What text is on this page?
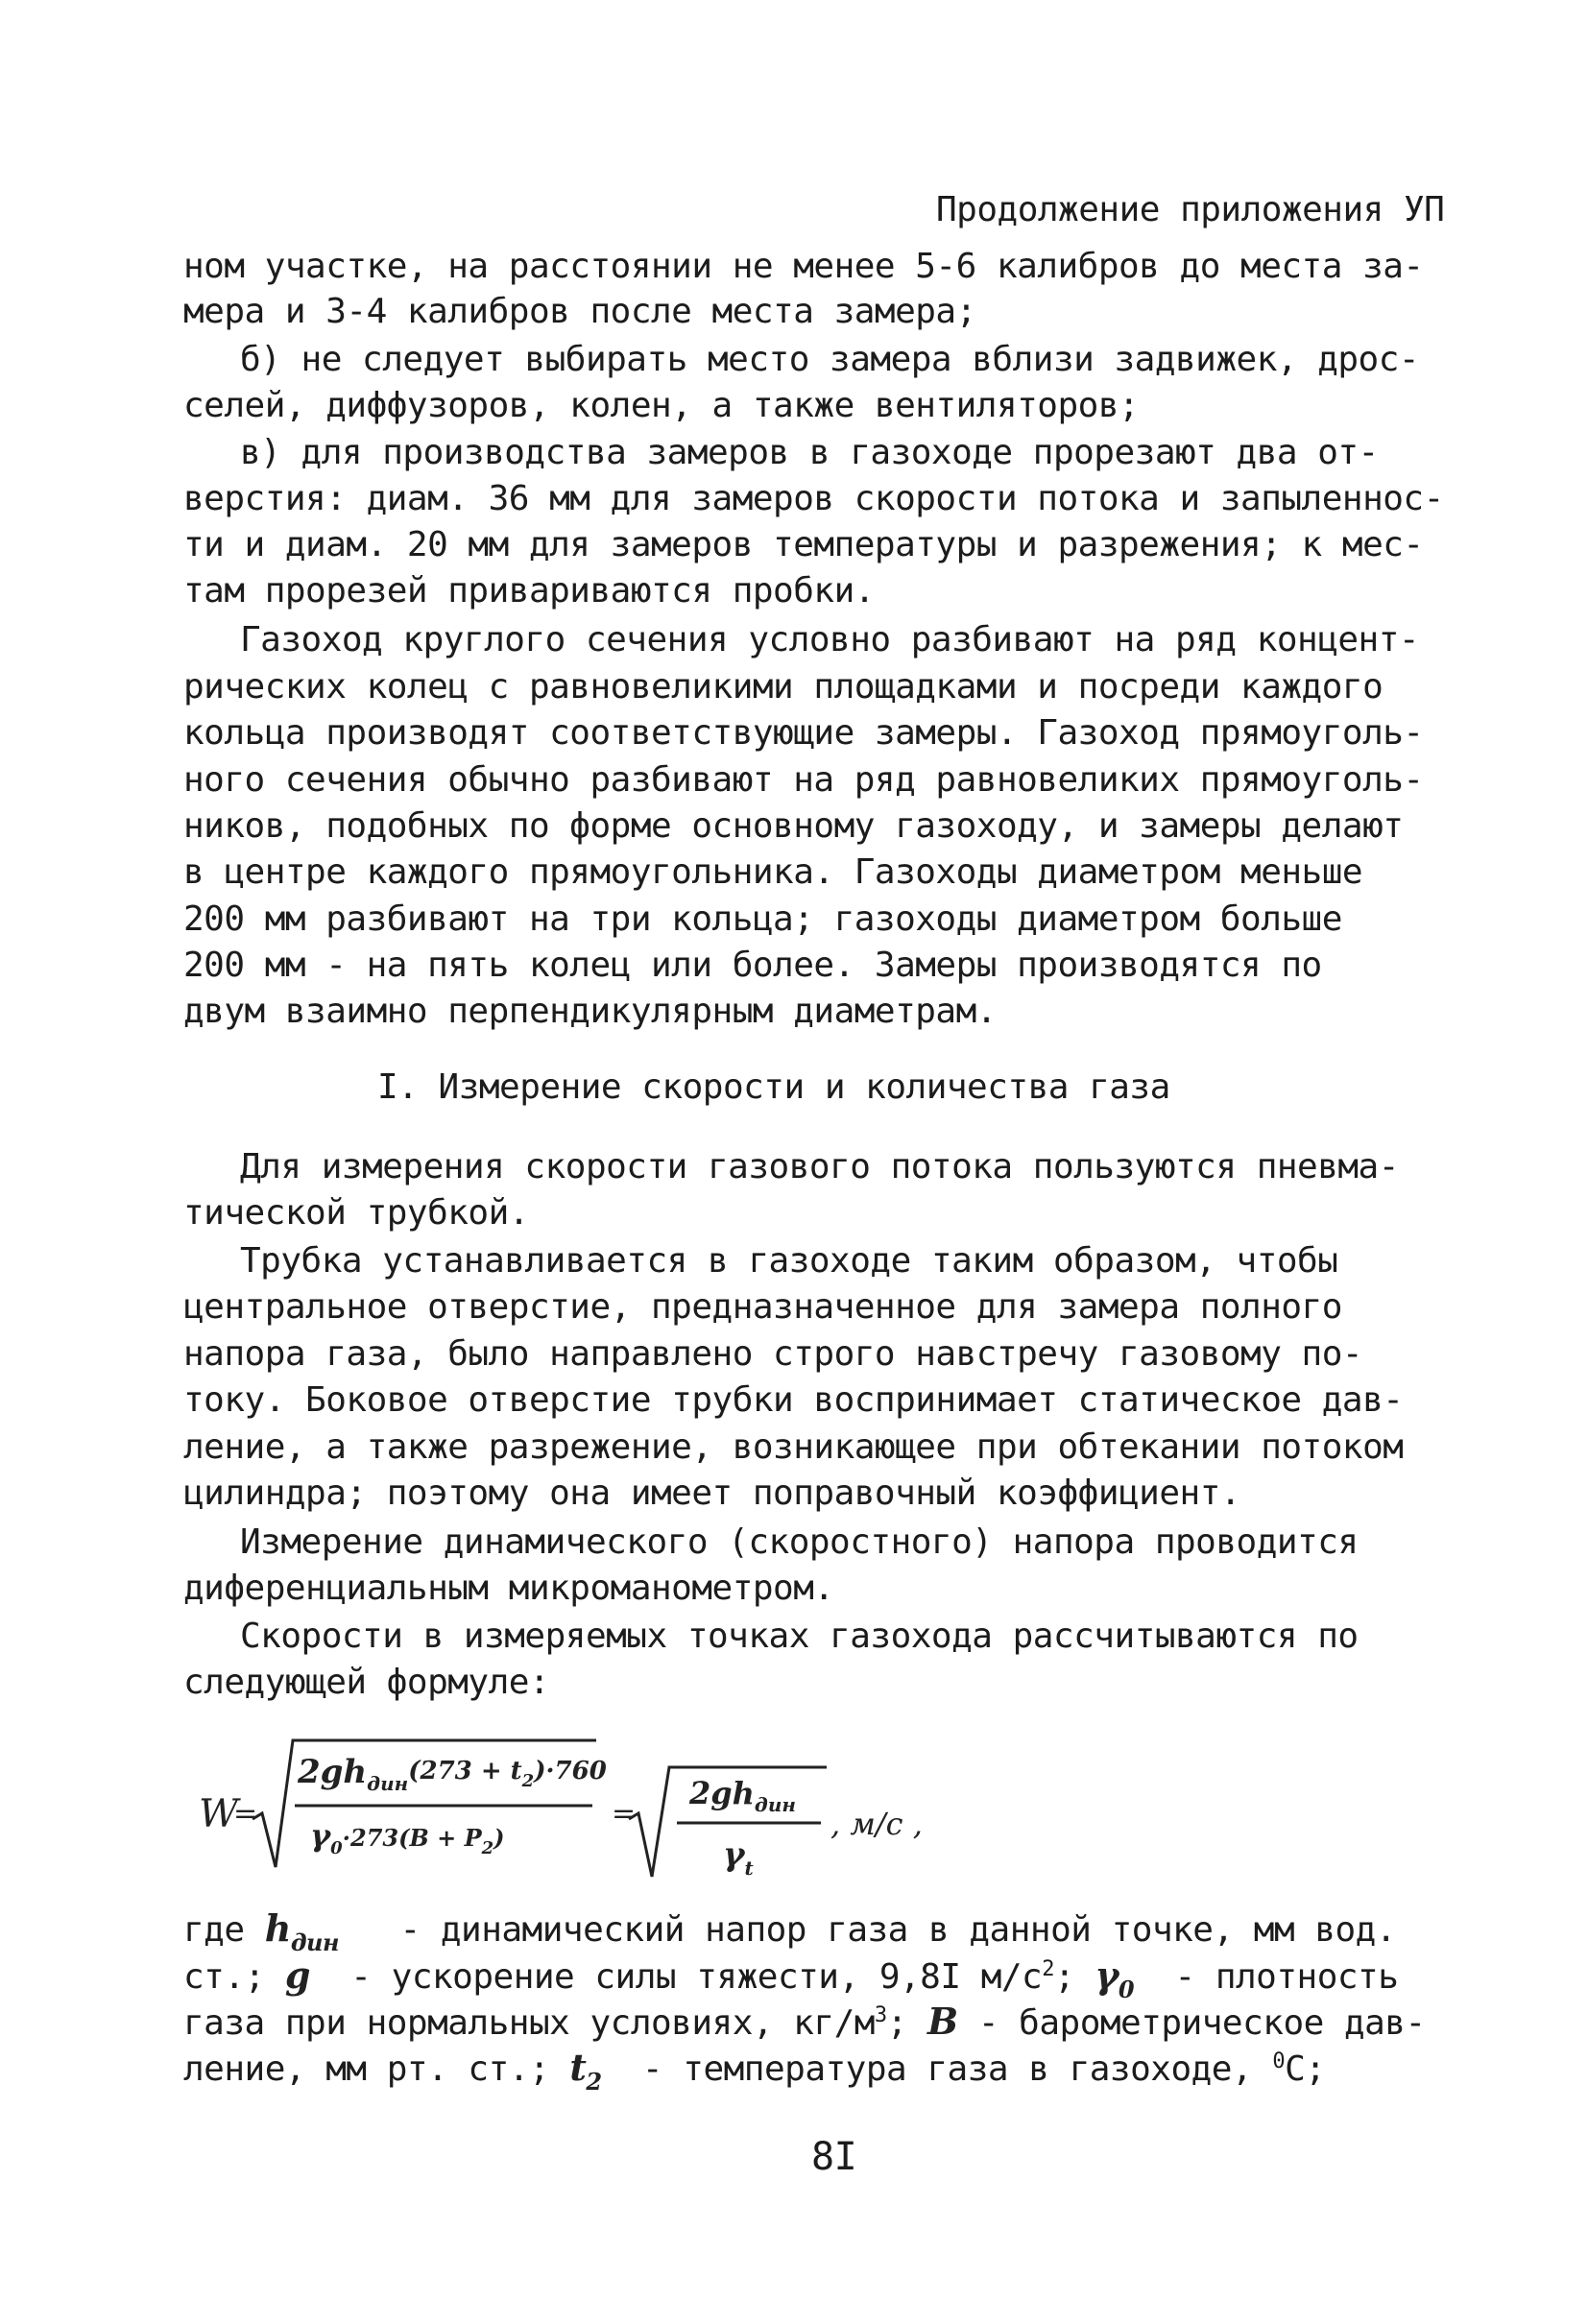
Продолжение приложения УП
ном участке, на расстоянии не менее 5-6 калибров до места за-
мера и 3-4 калибров после места замера;
б) не следует выбирать место замера вблизи задвижек, дрос-
селей, диффузоров, колен, а также вентиляторов;
в) для производства замеров в газоходе прорезают два от-
верстия: диам. 36 мм для замеров скорости потока и запыленнос-
ти и диам. 20 мм для замеров температуры и разрежения; к мес-
там прорезей привариваются пробки.
Газоход круглого сечения условно разбивают на ряд концент-
рических колец с равновеликими площадками и посреди каждого
кольца производят соответствующие замеры. Газоход прямоуголь-
ного сечения обычно разбивают на ряд равновеликих прямоуголь-
ников, подобных по форме основному газоходу, и замеры делают
в центре каждого прямоугольника. Газоходы диаметром меньше
200 мм разбивают на три кольца; газоходы диаметром больше
200 мм - на пять колец или более. Замеры производятся по
двум взаимно перпендикулярным диаметрам.
I. Измерение скорости и количества газа
Для измерения скорости газового потока пользуются пневма-
тической трубкой.
Трубка устанавливается в газоходе таким образом, чтобы
центральное отверстие, предназначенное для замера полного
напора газа, было направлено строго навстречу газовому по-
току. Боковое отверстие трубки воспринимает статическое дав-
ление, а также разрежение, возникающее при обтекании потоком
цилиндра; поэтому она имеет поправочный коэффициент.
Измерение динамического (скоростного) напора проводится
диференциальным микроманометром.
Скорости в измеряемых точках газохода рассчитываются по
следующей формуле:
W
=
$2gh_{дин}^{(273 + t}_2^{)\cdot 760}$
$\gamma_0^{\cdot 273(B + P}_2^)$
=
$2gh_{дин}$
$\gamma_t$
, м/с ,
где $h_{дин}$   - динамический напор газа в данной точке, мм вод.
ст.; g  - ускорение силы тяжести, 9,8I $м/с^2$; $\gamma_0$  - плотность
газа при нормальных условиях, $кг/м^3$; B - барометрическое дав-
ление, мм рт. ст.; $t_2$  - температура газа в газоходе, $^0$С;
8I
